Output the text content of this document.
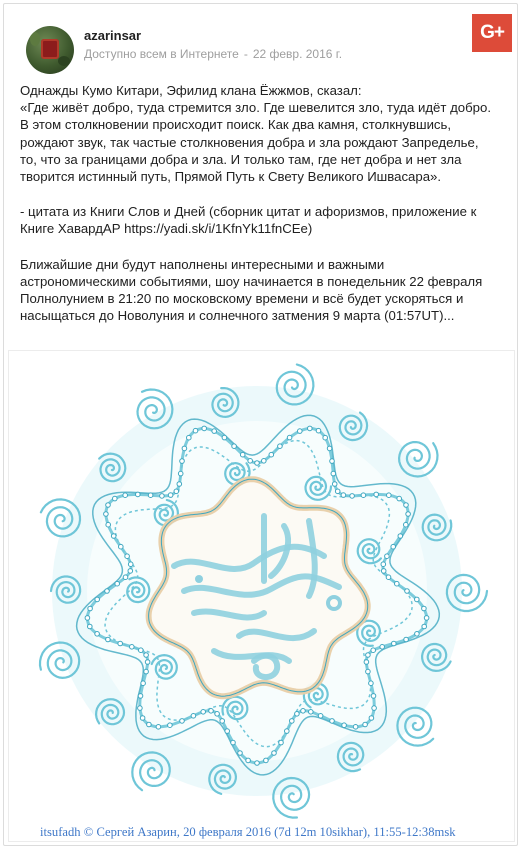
azarinsar
Доступно всем в Интернете - 22 февр. 2016 г.
G+

Однажды Кумо Китари, Эфилид клана Ёжжмов, сказал:
«Где живёт добро, туда стремится зло. Где шевелится зло, туда идёт добро.
В этом столкновении происходит поиск. Как два камня, столкнувшись,
рождают звук, так частые столкновения добра и зла рождают Запределье,
то, что за границами добра и зла. И только там, где нет добра и нет зла
творится истинный путь, Прямой Путь к Свету Великого Ишвасара».

- цитата из Книги Слов и Дней (сборник цитат и афоризмов, приложение к
Книге ХавардАР https://yadi.sk/i/1KfnYk11fnCEe)

Ближайшие дни будут наполнены интересными и важными
астрономическими событиями, шоу начинается в понедельник 22 февраля
Полнолунием в 21:20 по московскому времени и всё будет ускоряться и
насыщаться до Новолуния и солнечного затмения 9 марта (01:57UT)...

itsufadh © Сергей Азарин, 20 февраля 2016 (7d 12m 10sikhar), 11:55-12:38msk
